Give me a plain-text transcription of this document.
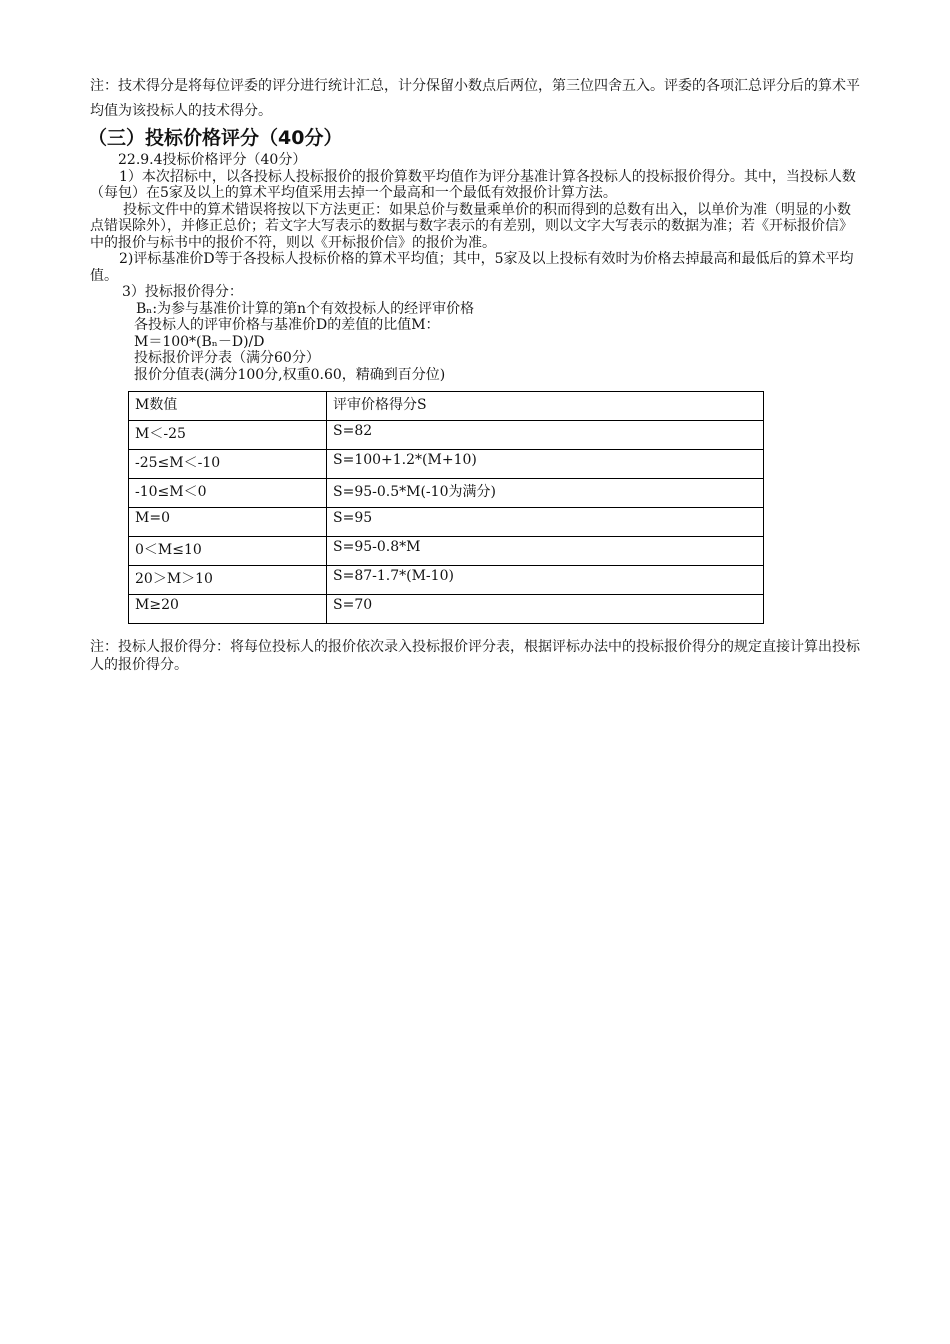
注：技术得分是将每位评委的评分进行统计汇总，计分保留小数点后两位，第三位四舍五入。评委的各项汇总评分后的算术平均值为该投标人的技术得分。

（三）投标价格评分（40分）

22.9.4投标价格评分（40分）

1）本次招标中，以各投标人投标报价的报价算数平均值作为评分基准计算各投标人的投标报价得分。其中，当投标人数（每包）在5家及以上的算术平均值采用去掉一个最高和一个最低有效报价计算方法。

投标文件中的算术错误将按以下方法更正：如果总价与数量乘单价的积而得到的总数有出入，以单价为准（明显的小数点错误除外），并修正总价；若文字大写表示的数据与数字表示的有差别，则以文字大写表示的数据为准；若《开标报价信》中的报价与标书中的报价不符，则以《开标报价信》的报价为准。

2)评标基准价D等于各投标人投标价格的算术平均值；其中，5家及以上投标有效时为价格去掉最高和最低后的算术平均值。

3）投标报价得分：

Bₙ:为参与基准价计算的第n个有效投标人的经评审价格

各投标人的评审价格与基准价D的差值的比值M：

M＝100*(Bₙ－D)/D

投标报价评分表（满分60分）

报价分值表(满分100分,权重0.60，精确到百分位)

M数值	评审价格得分S
M＜-25	S=82
-25≤M＜-10	S=100+1.2*(M+10)
-10≤M＜0	S=95-0.5*M(-10为满分)
M=0	S=95
0＜M≤10	S=95-0.8*M
20＞M＞10	S=87-1.7*(M-10)
M≥20	S=70

注：投标人报价得分：将每位投标人的报价依次录入投标报价评分表，根据评标办法中的投标报价得分的规定直接计算出投标人的报价得分。
